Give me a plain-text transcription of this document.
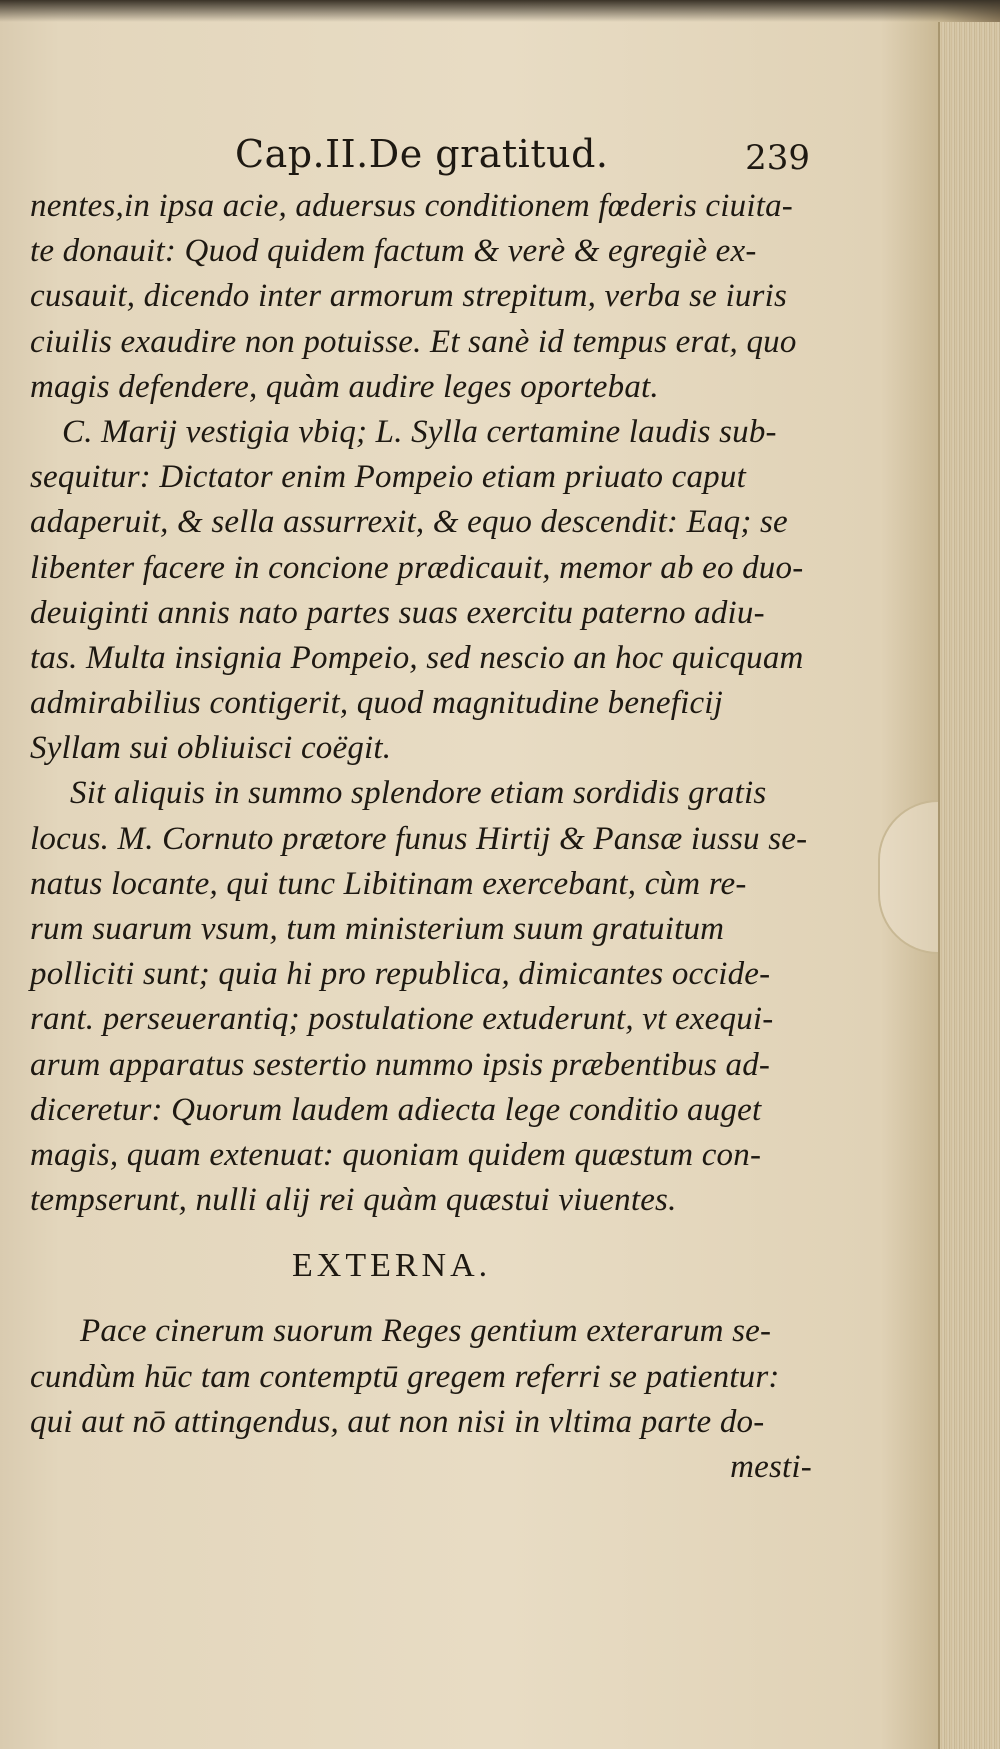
Cap.II.De gratitud.	239
nentes,in ipsa acie, aduersus conditionem fœderis ciuita-
te donauit: Quod quidem factum & verè & egregiè ex-
cusauit, dicendo inter armorum strepitum, verba se iuris
ciuilis exaudire non potuisse. Et sanè id tempus erat, quo
magis defendere, quàm audire leges oportebat.
C. Marij vestigia vbiq; L. Sylla certamine laudis sub-
sequitur: Dictator enim Pompeio etiam priuato caput
adaperuit, & sella assurrexit, & equo descendit: Eaq; se
libenter facere in concione prædicauit, memor ab eo duo-
deuiginti annis nato partes suas exercitu paterno adiu-
tas. Multa insignia Pompeio, sed nescio an hoc quicquam
admirabilius contigerit, quod magnitudine beneficij
Syllam sui obliuisci coëgit.
Sit aliquis in summo splendore etiam sordidis gratis
locus. M. Cornuto prætore funus Hirtij & Pansæ iussu se-
natus locante, qui tunc Libitinam exercebant, cùm re-
rum suarum vsum, tum ministerium suum gratuitum
polliciti sunt; quia hi pro republica, dimicantes occide-
rant. perseuerantiq; postulatione extuderunt, vt exequi-
arum apparatus sestertio nummo ipsis præbentibus ad-
diceretur: Quorum laudem adiecta lege conditio auget
magis, quam extenuat: quoniam quidem quæstum con-
tempserunt, nulli alij rei quàm quæstui viuentes.
EXTERNA.
Pace cinerum suorum Reges gentium exterarum se-
cundùm hūc tam contemptū gregem referri se patientur:
qui aut nō attingendus, aut non nisi in vltima parte do-
mesti-
